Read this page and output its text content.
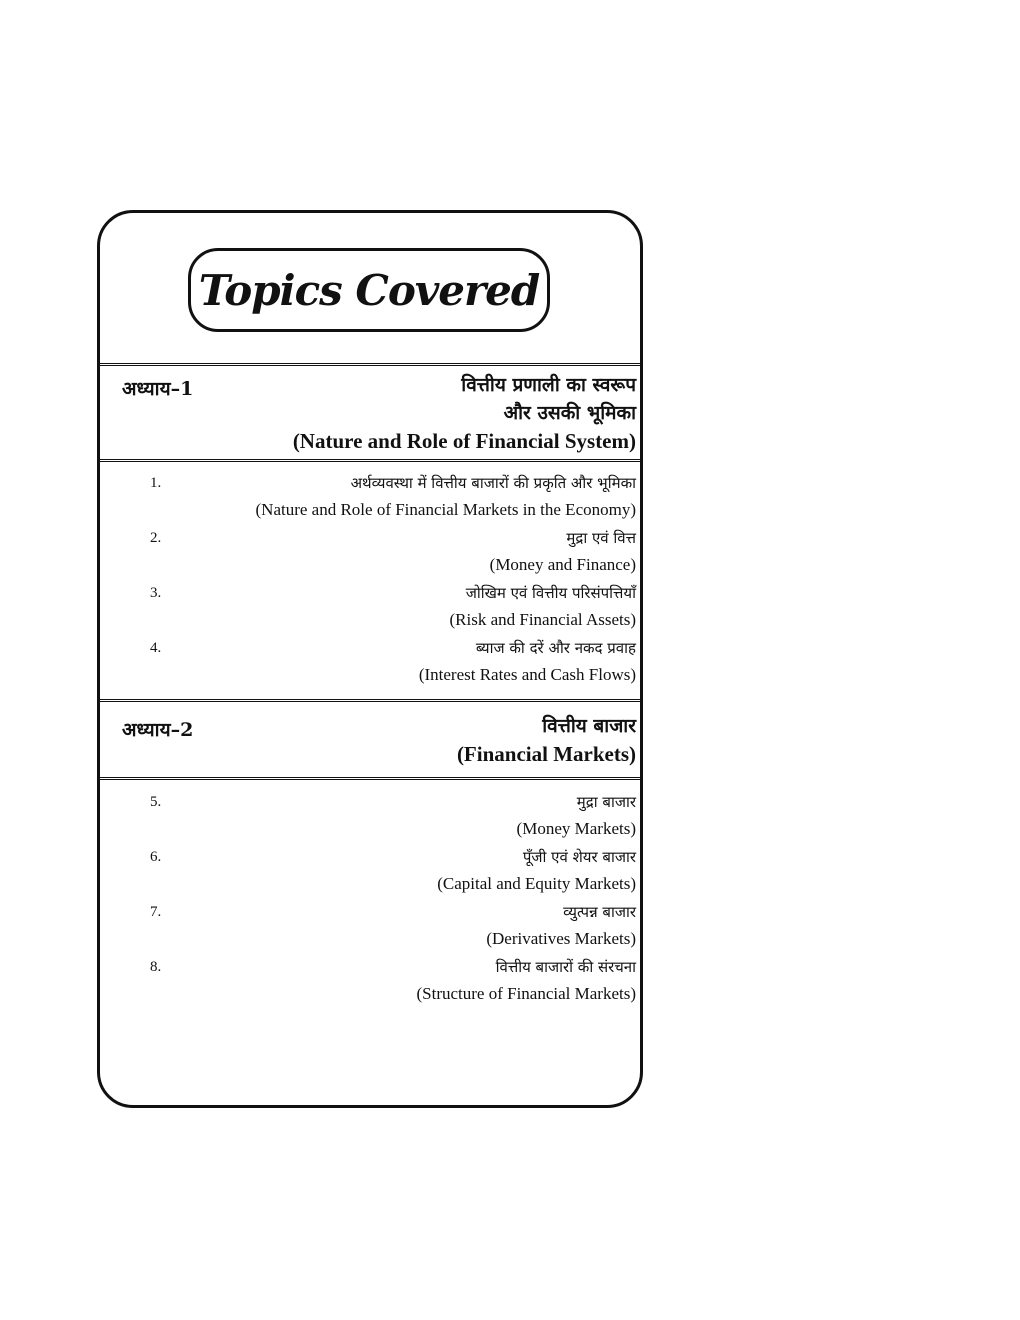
Topics Covered
अध्याय–1	वित्तीय प्रणाली का स्वरूप
और उसकी भूमिका
(Nature and Role of Financial System)
1.	अर्थव्यवस्था में वित्तीय बाजारों की प्रकृति और भूमिका
(Nature and Role of Financial Markets in the Economy)
2.	मुद्रा एवं वित्त
(Money and Finance)
3.	जोखिम एवं वित्तीय परिसंपत्तियाँ
(Risk and Financial Assets)
4.	ब्याज की दरें और नकद प्रवाह
(Interest Rates and Cash Flows)
अध्याय–2	वित्तीय बाजार
(Financial Markets)
5.	मुद्रा बाजार
(Money Markets)
6.	पूँजी एवं शेयर बाजार
(Capital and Equity Markets)
7.	व्युत्पन्न बाजार
(Derivatives Markets)
8.	वित्तीय बाजारों की संरचना
(Structure of Financial Markets)
